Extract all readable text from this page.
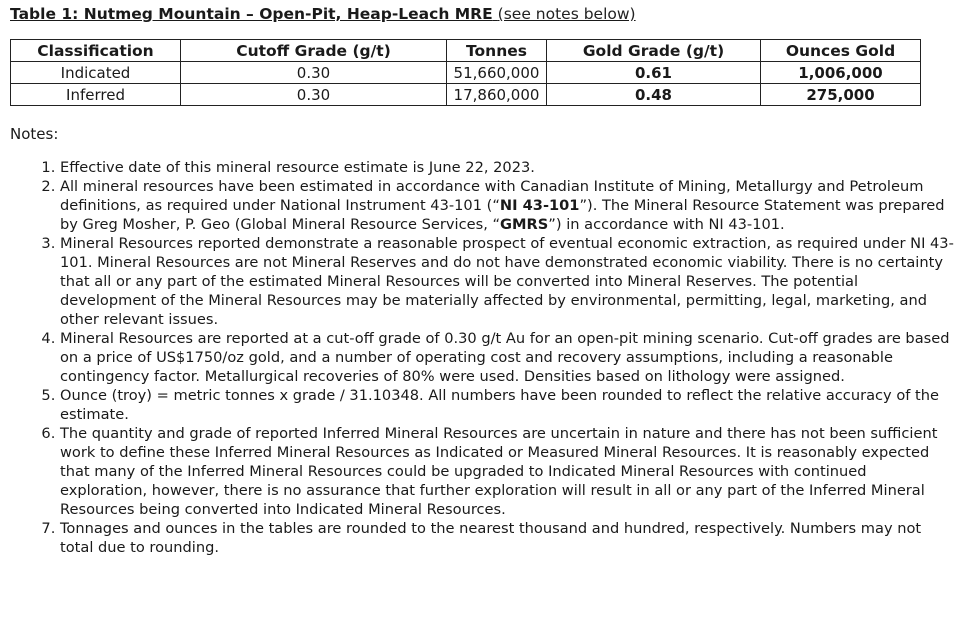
Table 1: Nutmeg Mountain – Open-Pit, Heap-Leach MRE (see notes below)
Classification	Cutoff Grade (g/t)	Tonnes	Gold Grade (g/t)	Ounces Gold
Indicated	0.30	51,660,000	0.61	1,006,000
Inferred	0.30	17,860,000	0.48	275,000
Notes:
1. Effective date of this mineral resource estimate is June 22, 2023.
2. All mineral resources have been estimated in accordance with Canadian Institute of Mining, Metallurgy and Petroleum definitions, as required under National Instrument 43-101 (“NI 43-101”). The Mineral Resource Statement was prepared by Greg Mosher, P. Geo (Global Mineral Resource Services, “GMRS”) in accordance with NI 43-101.
3. Mineral Resources reported demonstrate a reasonable prospect of eventual economic extraction, as required under NI 43-101. Mineral Resources are not Mineral Reserves and do not have demonstrated economic viability. There is no certainty that all or any part of the estimated Mineral Resources will be converted into Mineral Reserves. The potential development of the Mineral Resources may be materially affected by environmental, permitting, legal, marketing, and other relevant issues.
4. Mineral Resources are reported at a cut-off grade of 0.30 g/t Au for an open-pit mining scenario. Cut-off grades are based on a price of US$1750/oz gold, and a number of operating cost and recovery assumptions, including a reasonable contingency factor. Metallurgical recoveries of 80% were used. Densities based on lithology were assigned.
5. Ounce (troy) = metric tonnes x grade / 31.10348. All numbers have been rounded to reflect the relative accuracy of the estimate.
6. The quantity and grade of reported Inferred Mineral Resources are uncertain in nature and there has not been sufficient work to define these Inferred Mineral Resources as Indicated or Measured Mineral Resources. It is reasonably expected that many of the Inferred Mineral Resources could be upgraded to Indicated Mineral Resources with continued exploration, however, there is no assurance that further exploration will result in all or any part of the Inferred Mineral Resources being converted into Indicated Mineral Resources.
7. Tonnages and ounces in the tables are rounded to the nearest thousand and hundred, respectively. Numbers may not total due to rounding.
